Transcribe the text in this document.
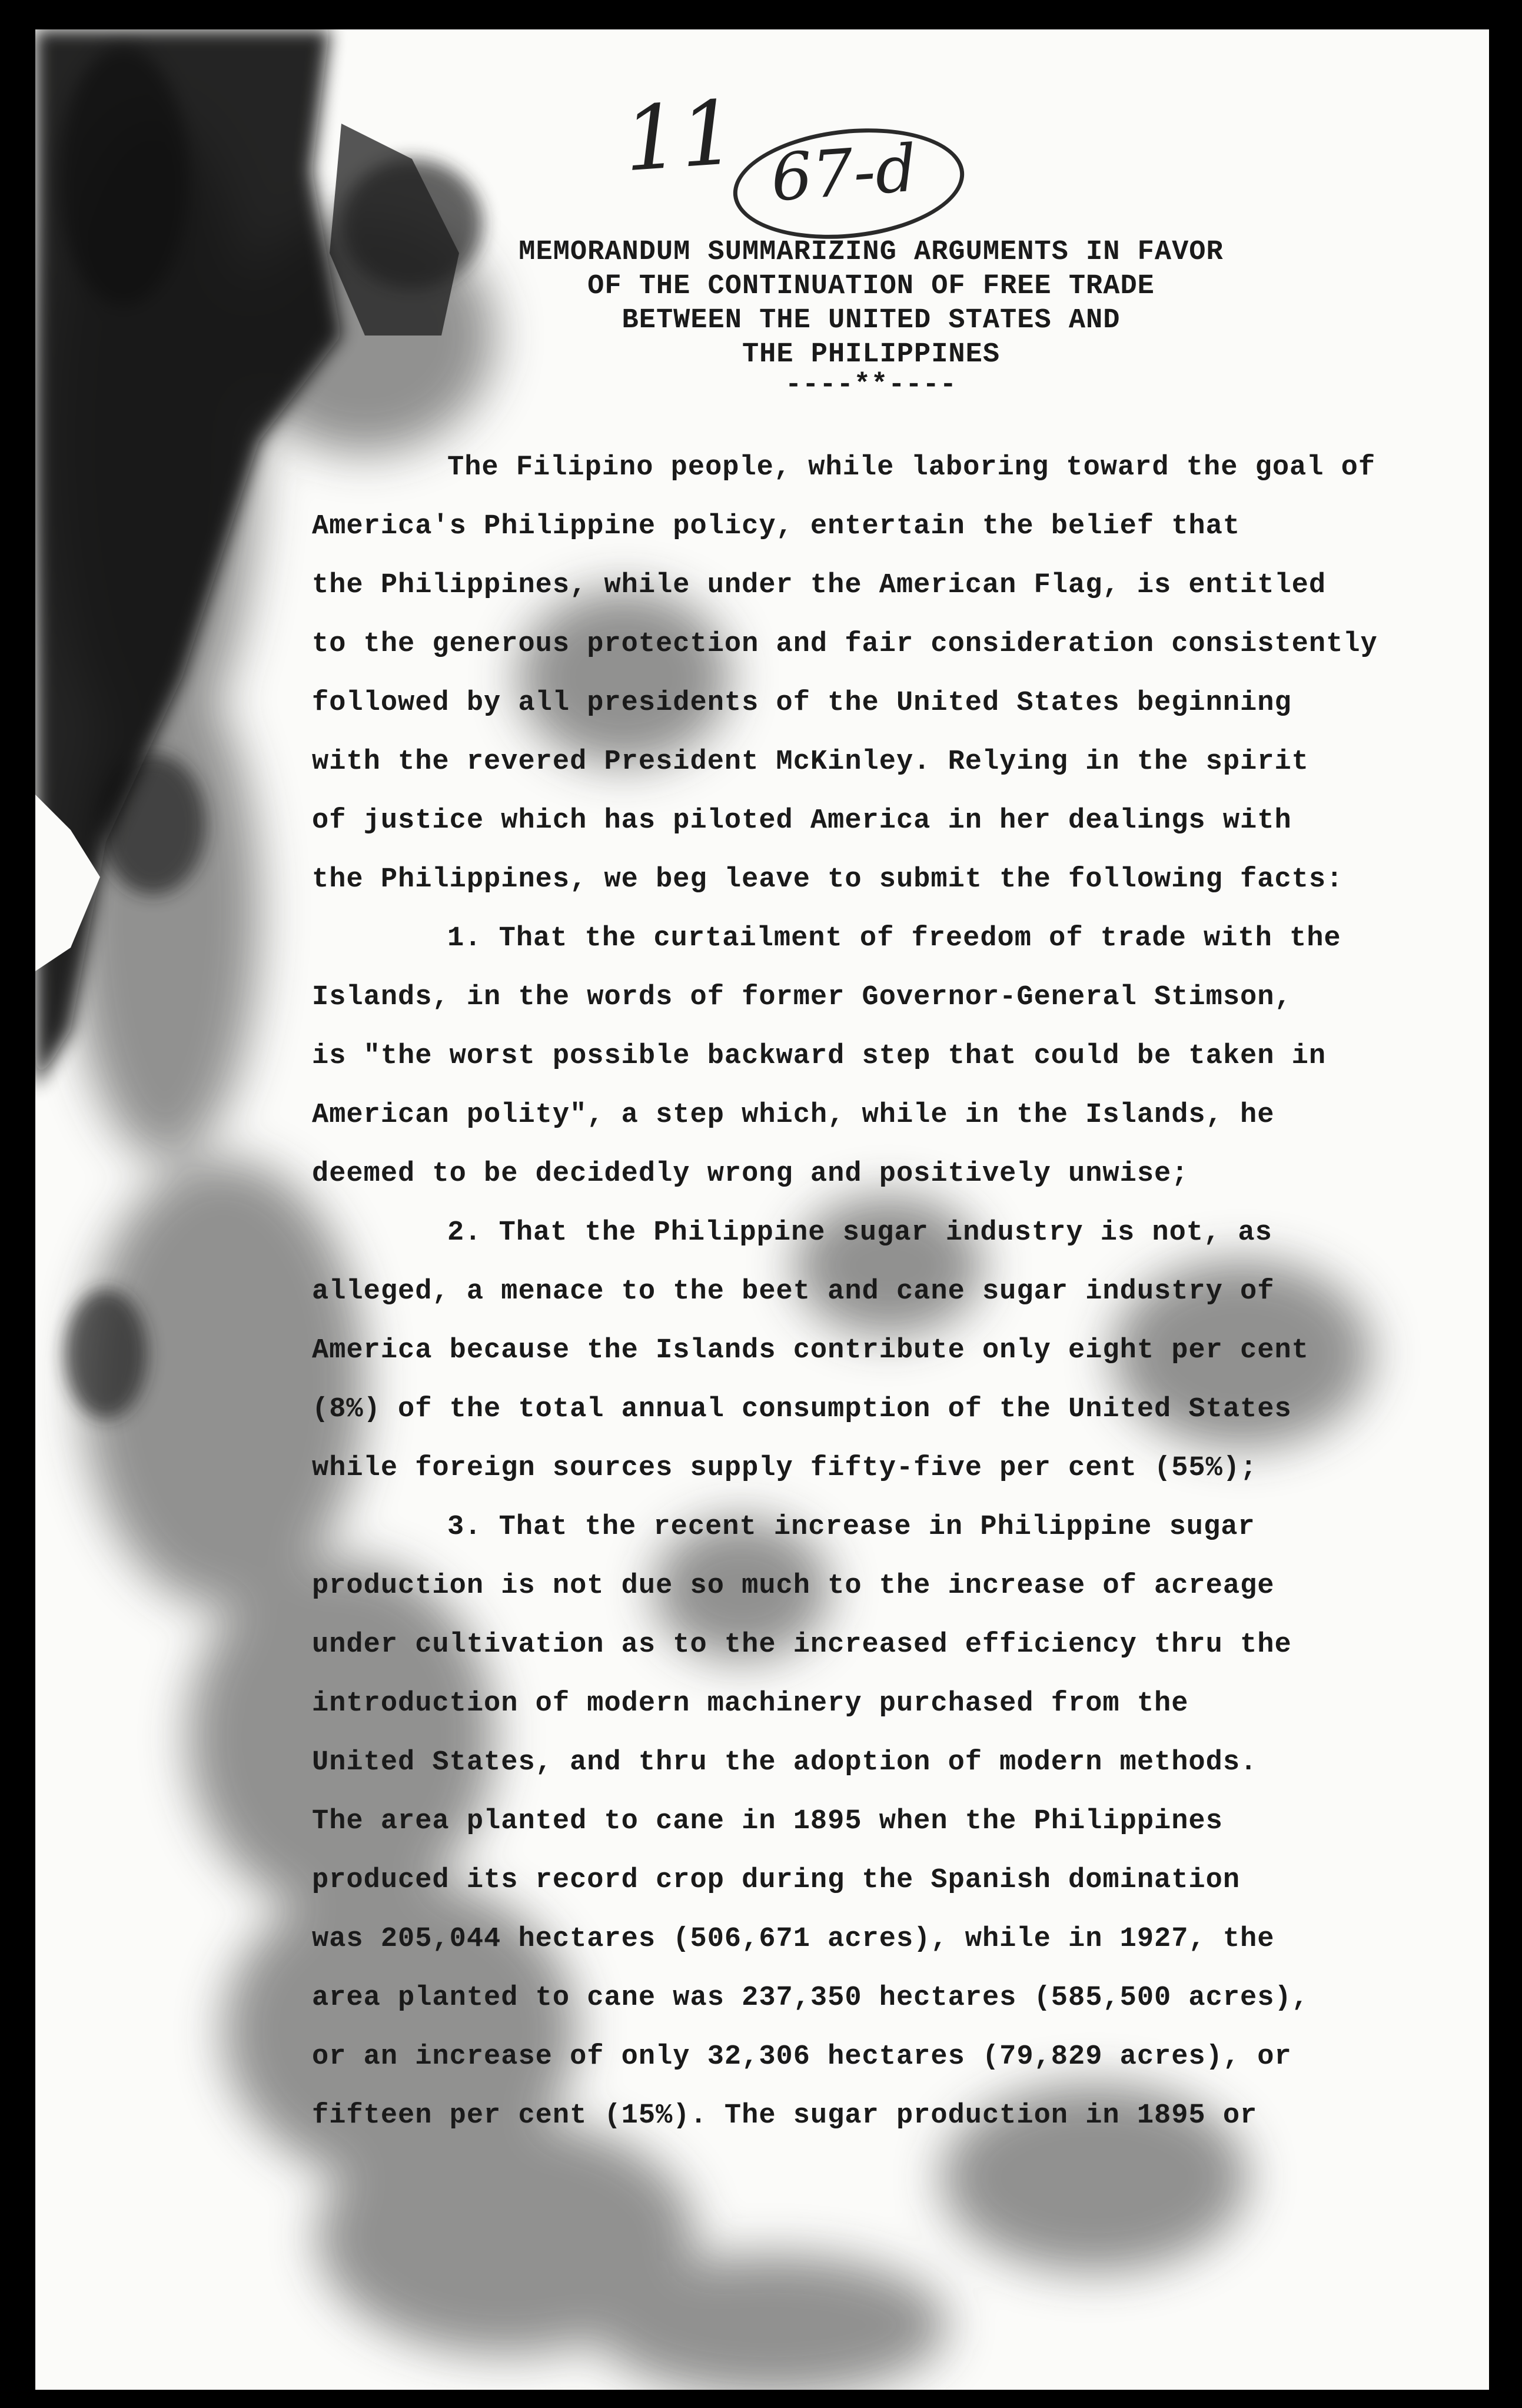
11 67-d
MEMORANDUM SUMMARIZING ARGUMENTS IN FAVOR
OF THE CONTINUATION OF FREE TRADE
BETWEEN THE UNITED STATES AND
THE PHILIPPINES
----**----
The Filipino people, while laboring toward the goal of
America's Philippine policy, entertain the belief that
the Philippines, while under the American Flag, is entitled
to the generous protection and fair consideration consistently
followed by all presidents of the United States beginning
with the revered President McKinley. Relying in the spirit
of justice which has piloted America in her dealings with
the Philippines, we beg leave to submit the following facts:
1. That the curtailment of freedom of trade with the
Islands, in the words of former Governor-General Stimson,
is "the worst possible backward step that could be taken in
American polity", a step which, while in the Islands, he
deemed to be decidedly wrong and positively unwise;
2. That the Philippine sugar industry is not, as
alleged, a menace to the beet and cane sugar industry of
America because the Islands contribute only eight per cent
(8%) of the total annual consumption of the United States
while foreign sources supply fifty-five per cent (55%);
3. That the recent increase in Philippine sugar
production is not due so much to the increase of acreage
under cultivation as to the increased efficiency thru the
introduction of modern machinery purchased from the
United States, and thru the adoption of modern methods.
The area planted to cane in 1895 when the Philippines
produced its record crop during the Spanish domination
was 205,044 hectares (506,671 acres), while in 1927, the
area planted to cane was 237,350 hectares (585,500 acres),
or an increase of only 32,306 hectares (79,829 acres), or
fifteen per cent (15%). The sugar production in 1895 or
